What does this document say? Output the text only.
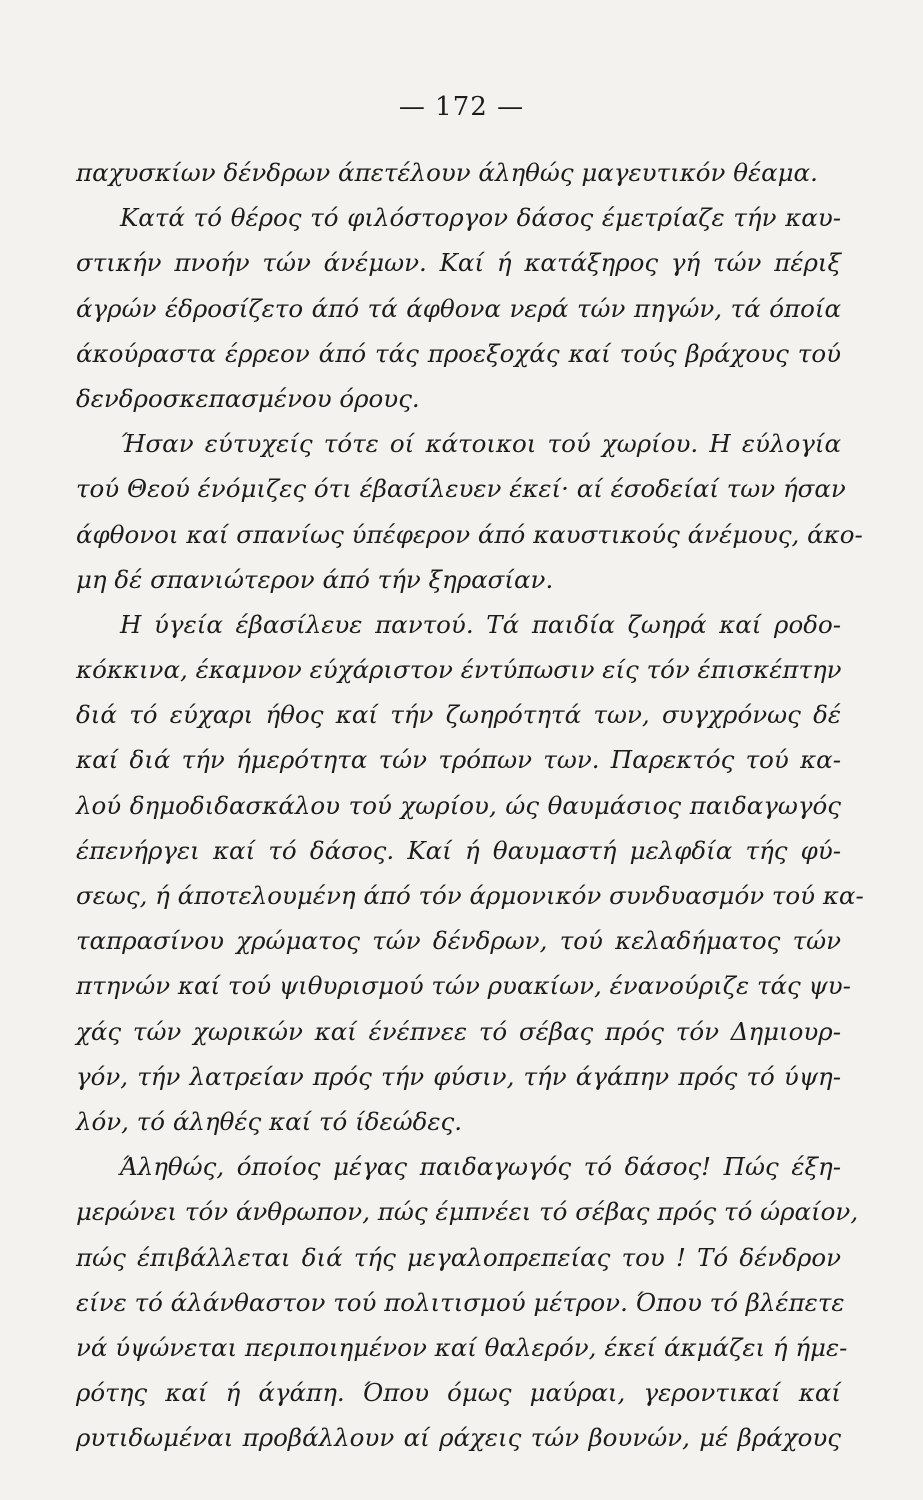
— 172 —
παχυσκίων δένδρων άπετέλουν άληθώς μαγευτικόν θέαμα.
Κατά τό θέρος τό φιλόστοργον δάσος έμετρίαζε τήν καυ-
στικήν πνοήν τών άνέμων. Καί ή κατάξηρος γή τών πέριξ
άγρών έδροσίζετο άπό τά άφθονα νερά τών πηγών, τά όποία
άκούραστα έρρεον άπό τάς προεξοχάς καί τούς βράχους τού
δενδροσκεπασμένου όρους.
Ήσαν εύτυχείς τότε οί κάτοικοι τού χωρίου. Η εύλογία
τού Θεού ένόμιζες ότι έβασίλευεν έκεί· αί έσοδείαί των ήσαν
άφθονοι καί σπανίως ύπέφερον άπό καυστικούς άνέμους, άκο-
μη δέ σπανιώτερον άπό τήν ξηρασίαν.
Η ύγεία έβασίλευε παντού. Τά παιδία ζωηρά καί ροδο-
κόκκινα, έκαμνον εύχάριστον έντύπωσιν είς τόν έπισκέπτην
διά τό εύχαρι ήθος καί τήν ζωηρότητά των, συγχρόνως δέ
καί διά τήν ήμερότητα τών τρόπων των. Παρεκτός τού κα-
λού δημοδιδασκάλου τού χωρίου, ώς θαυμάσιος παιδαγωγός
έπενήργει καί τό δάσος. Καί ή θαυμαστή μελφδία τής φύ-
σεως, ή άποτελουμένη άπό τόν άρμονικόν συνδυασμόν τού κα-
ταπρασίνου χρώματος τών δένδρων, τού κελαδήματος τών
πτηνών καί τού ψιθυρισμού τών ρυακίων, ένανούριζε τάς ψυ-
χάς τών χωρικών καί ένέπνεε τό σέβας πρός τόν Δημιουρ-
γόν, τήν λατρείαν πρός τήν φύσιν, τήν άγάπην πρός τό ύψη-
λόν, τό άληθές καί τό ίδεώδες.
Άληθώς, όποίος μέγας παιδαγωγός τό δάσος! Πώς έξη-
μερώνει τόν άνθρωπον, πώς έμπνέει τό σέβας πρός τό ώραίον,
πώς έπιβάλλεται διά τής μεγαλοπρεπείας του ! Τό δένδρον
είνε τό άλάνθαστον τού πολιτισμού μέτρον. Όπου τό βλέπετε
νά ύψώνεται περιποιημένον καί θαλερόν, έκεί άκμάζει ή ήμε-
ρότης καί ή άγάπη. Όπου όμως μαύραι, γεροντικαί καί
ρυτιδωμέναι προβάλλουν αί ράχεις τών βουνών, μέ βράχους
